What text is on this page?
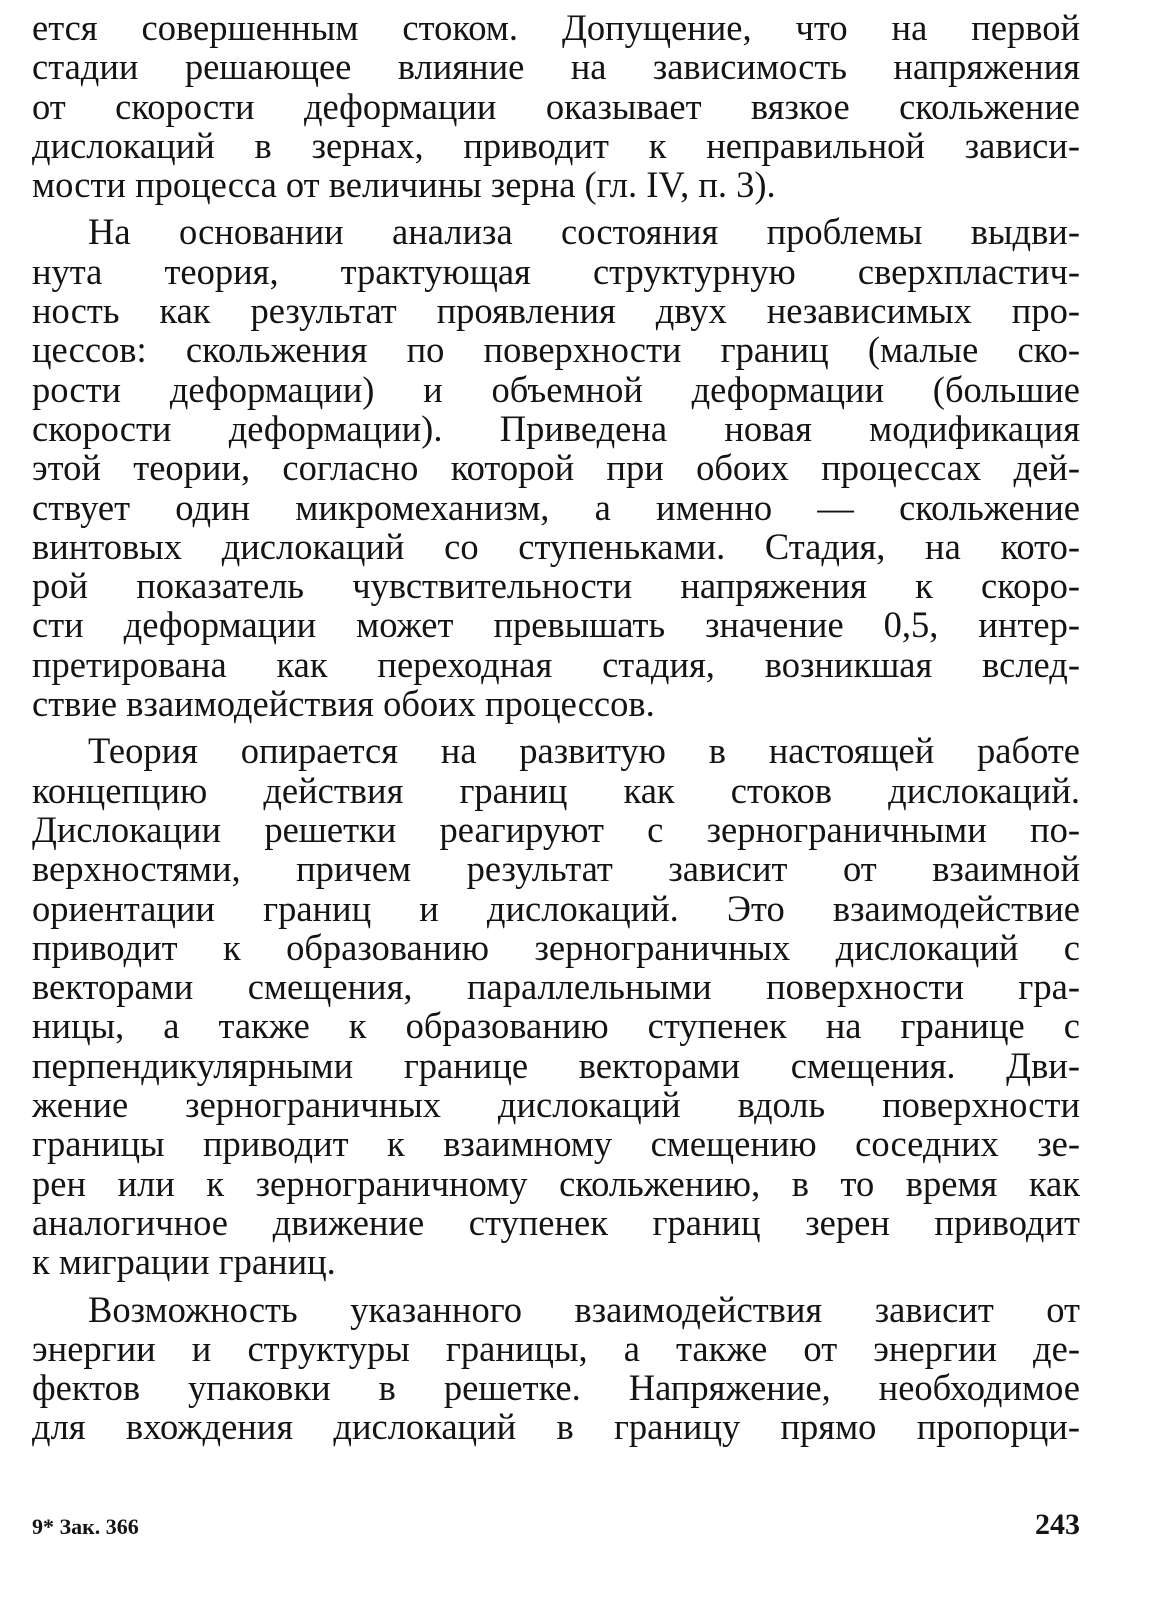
ется совершенным стоком. Допущение, что на первой
стадии решающее влияние на зависимость напряжения
от скорости деформации оказывает вязкое скольжение
дислокаций в зернах, приводит к неправильной зависи-
мости процесса от величины зерна (гл. IV, п. 3).
На основании анализа состояния проблемы выдви-
нута теория, трактующая структурную сверхпластич-
ность как результат проявления двух независимых про-
цессов: скольжения по поверхности границ (малые ско-
рости деформации) и объемной деформации (большие
скорости деформации). Приведена новая модификация
этой теории, согласно которой при обоих процессах дей-
ствует один микромеханизм, а именно — скольжение
винтовых дислокаций со ступеньками. Стадия, на кото-
рой показатель чувствительности напряжения к скоро-
сти деформации может превышать значение 0,5, интер-
претирована как переходная стадия, возникшая вслед-
ствие взаимодействия обоих процессов.
Теория опирается на развитую в настоящей работе
концепцию действия границ как стоков дислокаций.
Дислокации решетки реагируют с зернограничными по-
верхностями, причем результат зависит от взаимной
ориентации границ и дислокаций. Это взаимодействие
приводит к образованию зернограничных дислокаций с
векторами смещения, параллельными поверхности гра-
ницы, а также к образованию ступенек на границе с
перпендикулярными границе векторами смещения. Дви-
жение зернограничных дислокаций вдоль поверхности
границы приводит к взаимному смещению соседних зе-
рен или к зернограничному скольжению, в то время как
аналогичное движение ступенек границ зерен приводит
к миграции границ.
Возможность указанного взаимодействия зависит от
энергии и структуры границы, а также от энергии де-
фектов упаковки в решетке. Напряжение, необходимое
для вхождения дислокаций в границу прямо пропорци-
9* Зак. 366	243
